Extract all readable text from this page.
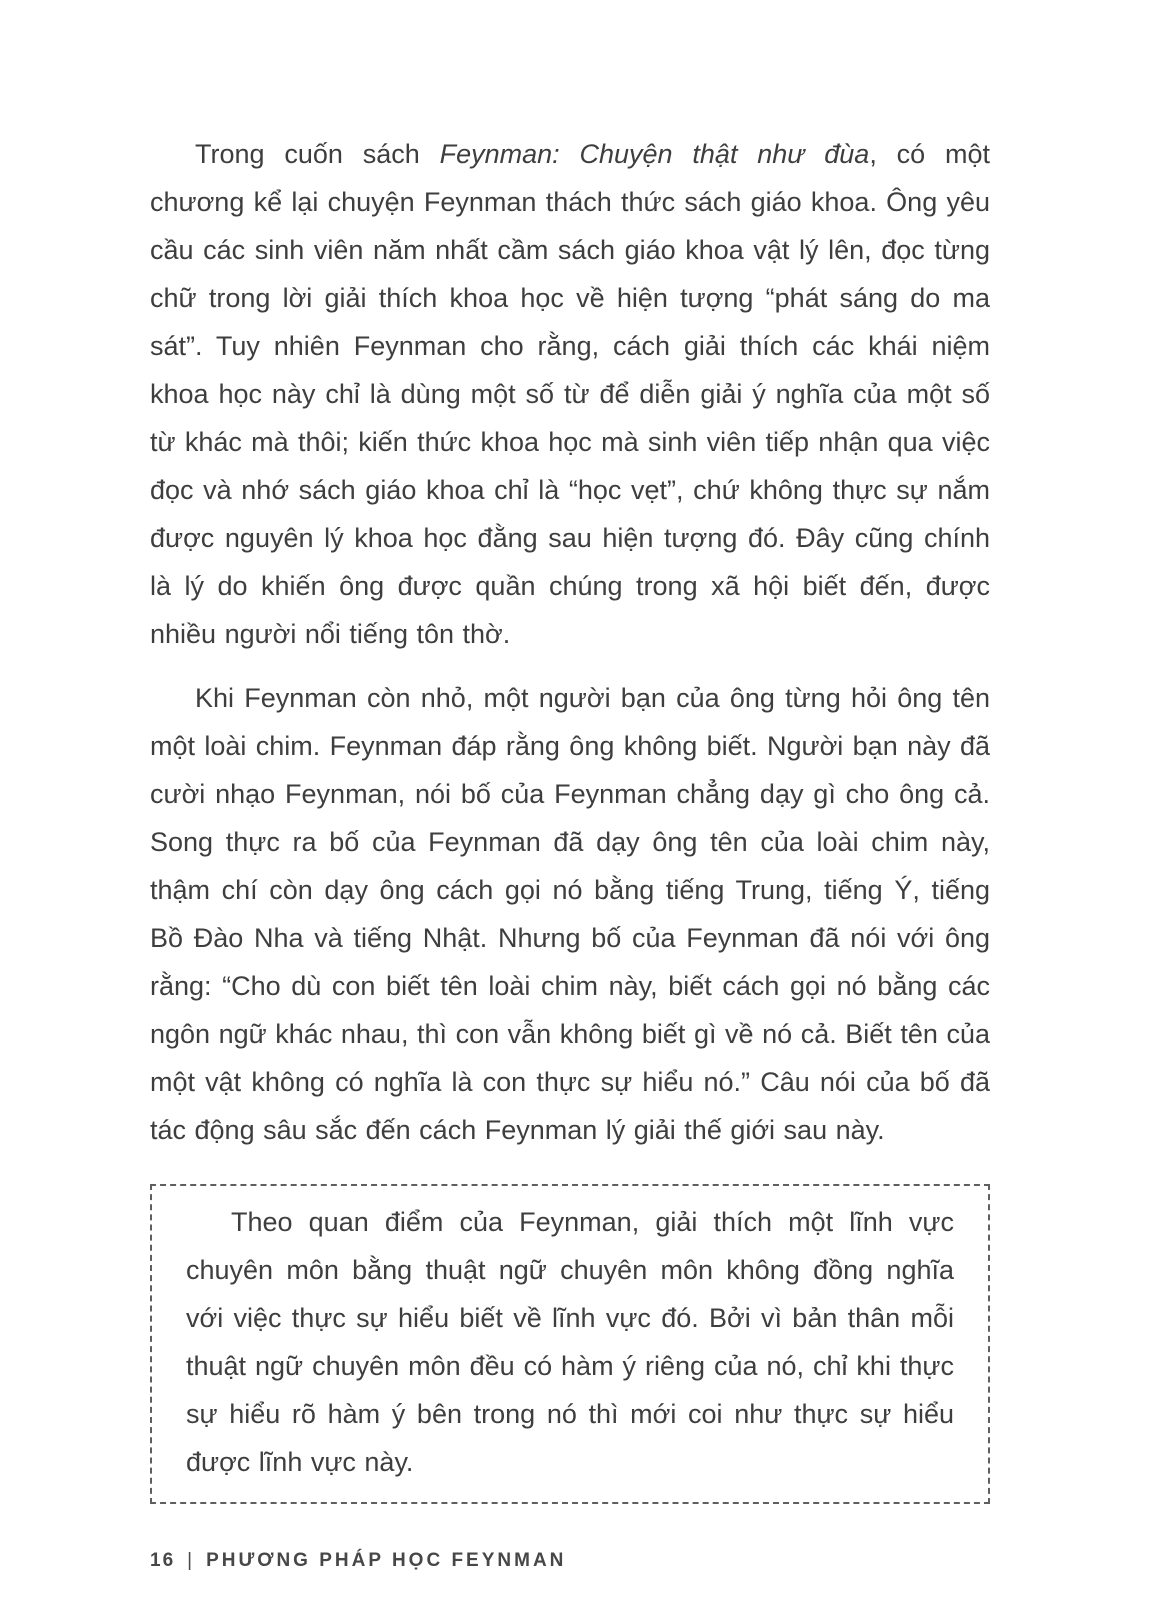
Trong cuốn sách Feynman: Chuyện thật như đùa, có một chương kể lại chuyện Feynman thách thức sách giáo khoa. Ông yêu cầu các sinh viên năm nhất cầm sách giáo khoa vật lý lên, đọc từng chữ trong lời giải thích khoa học về hiện tượng “phát sáng do ma sát”. Tuy nhiên Feynman cho rằng, cách giải thích các khái niệm khoa học này chỉ là dùng một số từ để diễn giải ý nghĩa của một số từ khác mà thôi; kiến thức khoa học mà sinh viên tiếp nhận qua việc đọc và nhớ sách giáo khoa chỉ là “học vẹt”, chứ không thực sự nắm được nguyên lý khoa học đằng sau hiện tượng đó. Đây cũng chính là lý do khiến ông được quần chúng trong xã hội biết đến, được nhiều người nổi tiếng tôn thờ.

Khi Feynman còn nhỏ, một người bạn của ông từng hỏi ông tên một loài chim. Feynman đáp rằng ông không biết. Người bạn này đã cười nhạo Feynman, nói bố của Feynman chẳng dạy gì cho ông cả. Song thực ra bố của Feynman đã dạy ông tên của loài chim này, thậm chí còn dạy ông cách gọi nó bằng tiếng Trung, tiếng Ý, tiếng Bồ Đào Nha và tiếng Nhật. Nhưng bố của Feynman đã nói với ông rằng: “Cho dù con biết tên loài chim này, biết cách gọi nó bằng các ngôn ngữ khác nhau, thì con vẫn không biết gì về nó cả. Biết tên của một vật không có nghĩa là con thực sự hiểu nó.” Câu nói của bố đã tác động sâu sắc đến cách Feynman lý giải thế giới sau này.

Theo quan điểm của Feynman, giải thích một lĩnh vực chuyên môn bằng thuật ngữ chuyên môn không đồng nghĩa với việc thực sự hiểu biết về lĩnh vực đó. Bởi vì bản thân mỗi thuật ngữ chuyên môn đều có hàm ý riêng của nó, chỉ khi thực sự hiểu rõ hàm ý bên trong nó thì mới coi như thực sự hiểu được lĩnh vực này.

16 | PHƯƠNG PHÁP HỌC FEYNMAN
